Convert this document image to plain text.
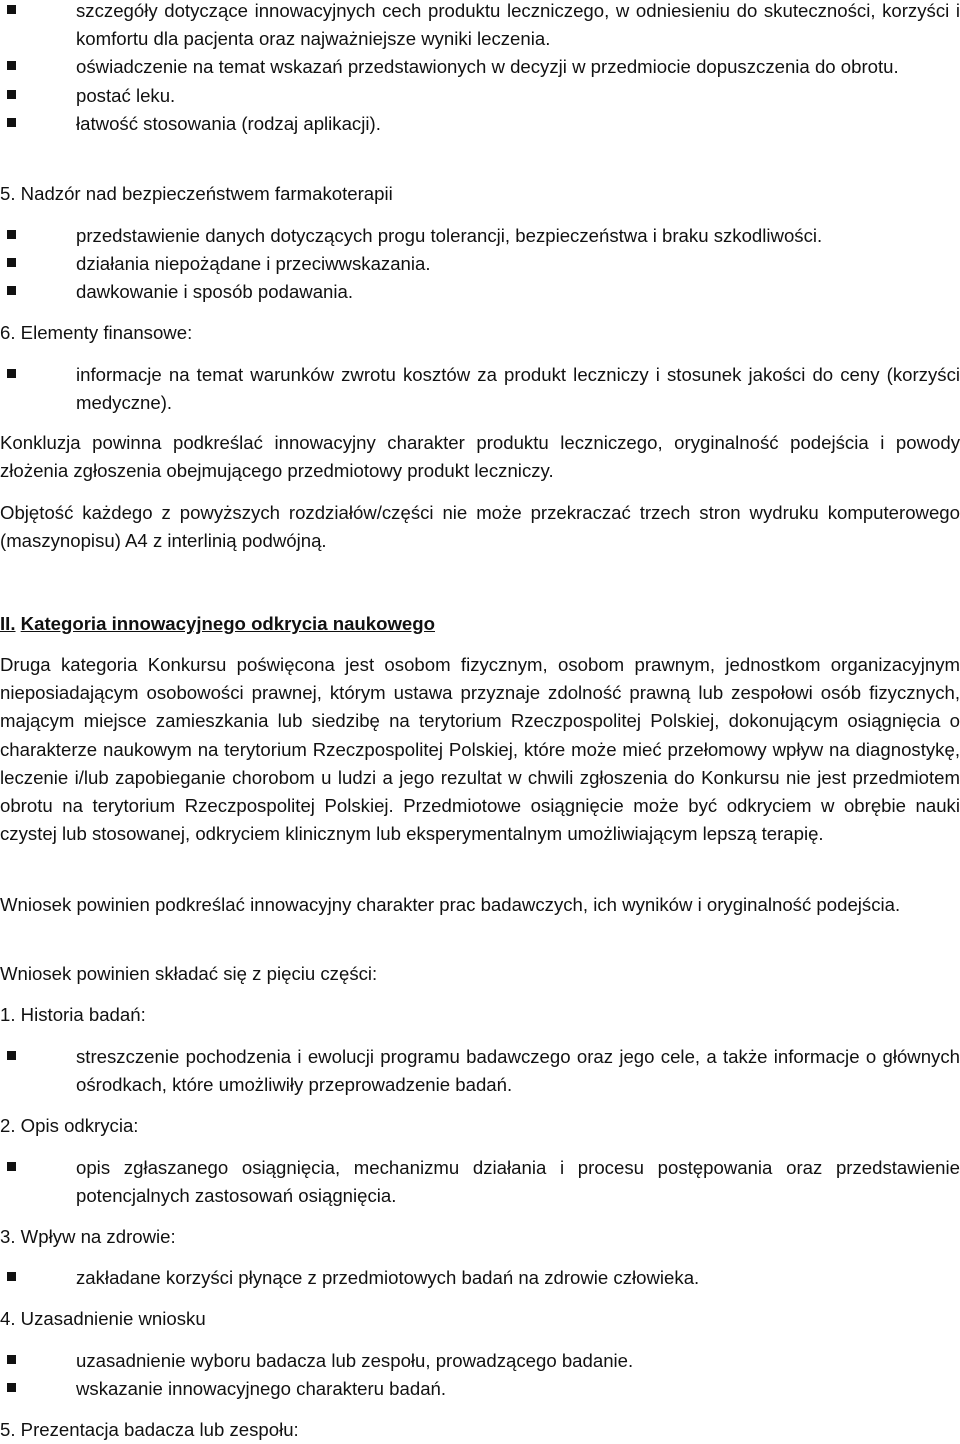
szczegóły dotyczące innowacyjnych cech produktu leczniczego, w odniesieniu do skuteczności, korzyści i komfortu dla pacjenta oraz najważniejsze wyniki leczenia.
oświadczenie na temat wskazań przedstawionych w decyzji w przedmiocie dopuszczenia do obrotu.
postać leku.
łatwość stosowania (rodzaj aplikacji).

5. Nadzór nad bezpieczeństwem farmakoterapii

przedstawienie danych dotyczących progu tolerancji, bezpieczeństwa i braku szkodliwości.
działania niepożądane i przeciwwskazania.
dawkowanie i sposób podawania.

6. Elementy finansowe:

informacje na temat warunków zwrotu kosztów za produkt leczniczy i stosunek jakości do ceny (korzyści medyczne).

Konkluzja powinna podkreślać innowacyjny charakter produktu leczniczego, oryginalność podejścia i powody złożenia zgłoszenia obejmującego przedmiotowy produkt leczniczy.

Objętość każdego z powyższych rozdziałów/części nie może przekraczać trzech stron wydruku komputerowego (maszynopisu) A4 z interlinią podwójną.

II. Kategoria innowacyjnego odkrycia naukowego

Druga kategoria Konkursu poświęcona jest osobom fizycznym, osobom prawnym, jednostkom organizacyjnym nieposiadającym osobowości prawnej, którym ustawa przyznaje zdolność prawną lub zespołowi osób fizycznych, mającym miejsce zamieszkania lub siedzibę na terytorium Rzeczpospolitej Polskiej, dokonującym osiągnięcia o charakterze naukowym na terytorium Rzeczpospolitej Polskiej, które może mieć przełomowy wpływ na diagnostykę, leczenie i/lub zapobieganie chorobom u ludzi a jego rezultat w chwili zgłoszenia do Konkursu nie jest przedmiotem obrotu na terytorium Rzeczpospolitej Polskiej. Przedmiotowe osiągnięcie może być odkryciem w obrębie nauki czystej lub stosowanej, odkryciem klinicznym lub eksperymentalnym umożliwiającym lepszą terapię.

Wniosek powinien podkreślać innowacyjny charakter prac badawczych, ich wyników i oryginalność podejścia.

Wniosek powinien składać się z pięciu części:

1. Historia badań:

streszczenie pochodzenia i ewolucji programu badawczego oraz jego cele, a także informacje o głównych ośrodkach, które umożliwiły przeprowadzenie badań.

2. Opis odkrycia:

opis zgłaszanego osiągnięcia, mechanizmu działania i procesu postępowania oraz przedstawienie potencjalnych zastosowań osiągnięcia.

3. Wpływ na zdrowie:

zakładane korzyści płynące z przedmiotowych badań na zdrowie człowieka.

4. Uzasadnienie wniosku

uzasadnienie wyboru badacza lub zespołu, prowadzącego badanie.
wskazanie innowacyjnego charakteru badań.

5. Prezentacja badacza lub zespołu:
